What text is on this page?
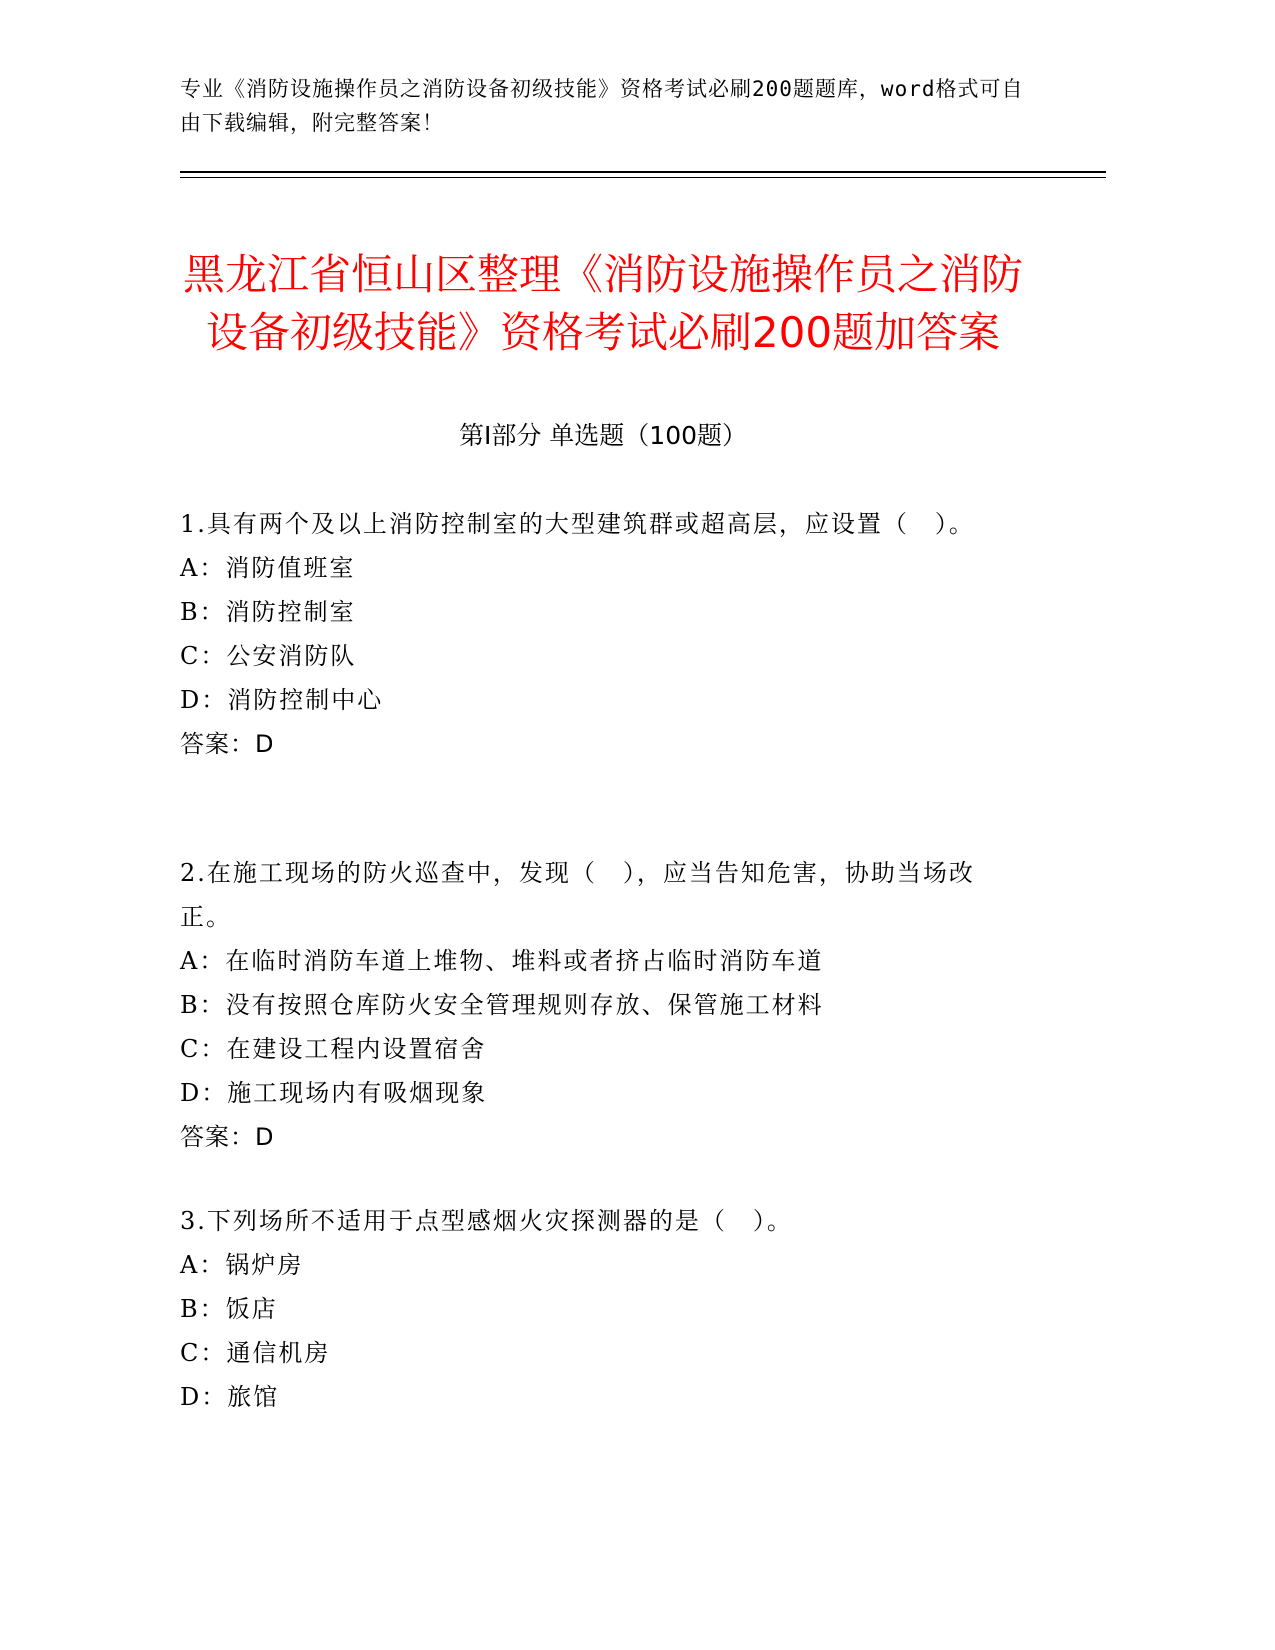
专业《消防设施操作员之消防设备初级技能》资格考试必刷200题题库，word格式可自由下载编辑，附完整答案！
黑龙江省恒山区整理《消防设施操作员之消防设备初级技能》资格考试必刷200题加答案
第Ⅰ部分 单选题（100题）

1.具有两个及以上消防控制室的大型建筑群或超高层，应设置（　）。

A：消防值班室

B：消防控制室

C：公安消防队

D：消防控制中心

答案：D

2.在施工现场的防火巡查中，发现（　），应当告知危害，协助当场改正。

A：在临时消防车道上堆物、堆料或者挤占临时消防车道

B：没有按照仓库防火安全管理规则存放、保管施工材料

C：在建设工程内设置宿舍

D：施工现场内有吸烟现象

答案：D

3.下列场所不适用于点型感烟火灾探测器的是（　）。

A：锅炉房

B：饭店

C：通信机房

D：旅馆
